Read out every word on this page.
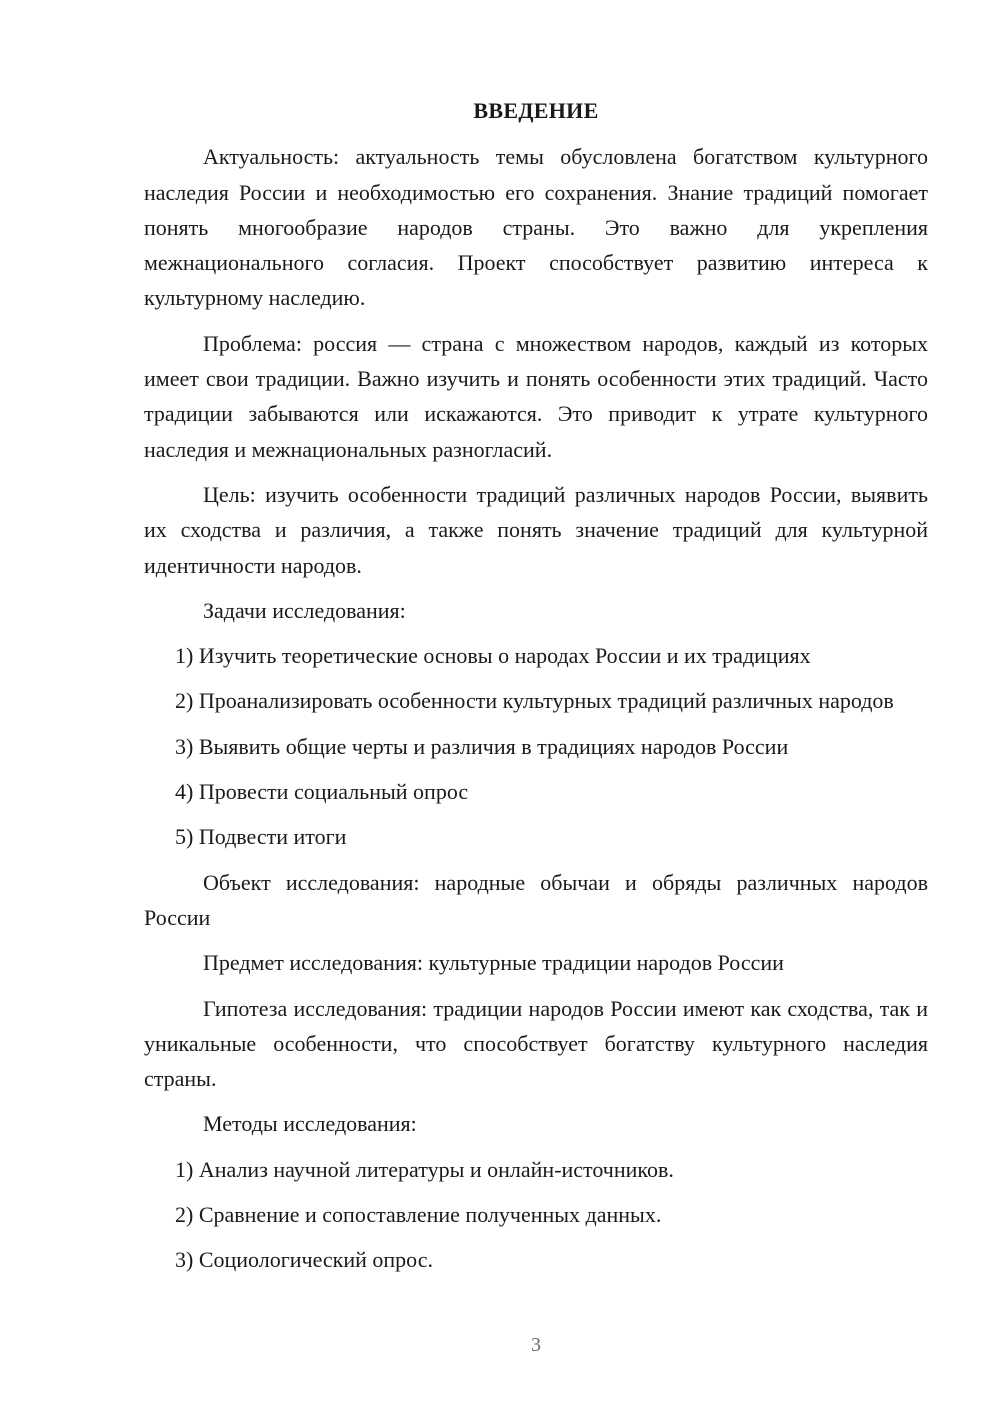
ВВЕДЕНИЕ

Актуальность: актуальность темы обусловлена богатством культурного наследия России и необходимостью его сохранения. Знание традиций помогает понять многообразие народов страны. Это важно для укрепления межнационального согласия. Проект способствует развитию интереса к культурному наследию.

Проблема: россия — страна с множеством народов, каждый из которых имеет свои традиции. Важно изучить и понять особенности этих традиций. Часто традиции забываются или искажаются. Это приводит к утрате культурного наследия и межнациональных разногласий.

Цель: изучить особенности традиций различных народов России, выявить их сходства и различия, а также понять значение традиций для культурной идентичности народов.

Задачи исследования:

1) Изучить теоретические основы о народах России и их традициях

2) Проанализировать особенности культурных традиций различных народов

3) Выявить общие черты и различия в традициях народов России

4) Провести социальный опрос

5) Подвести итоги

Объект исследования: народные обычаи и обряды различных народов России

Предмет исследования: культурные традиции народов России

Гипотеза исследования: традиции народов России имеют как сходства, так и уникальные особенности, что способствует богатству культурного наследия страны.

Методы исследования:

1) Анализ научной литературы и онлайн-источников.

2) Сравнение и сопоставление полученных данных.

3) Социологический опрос.

3
